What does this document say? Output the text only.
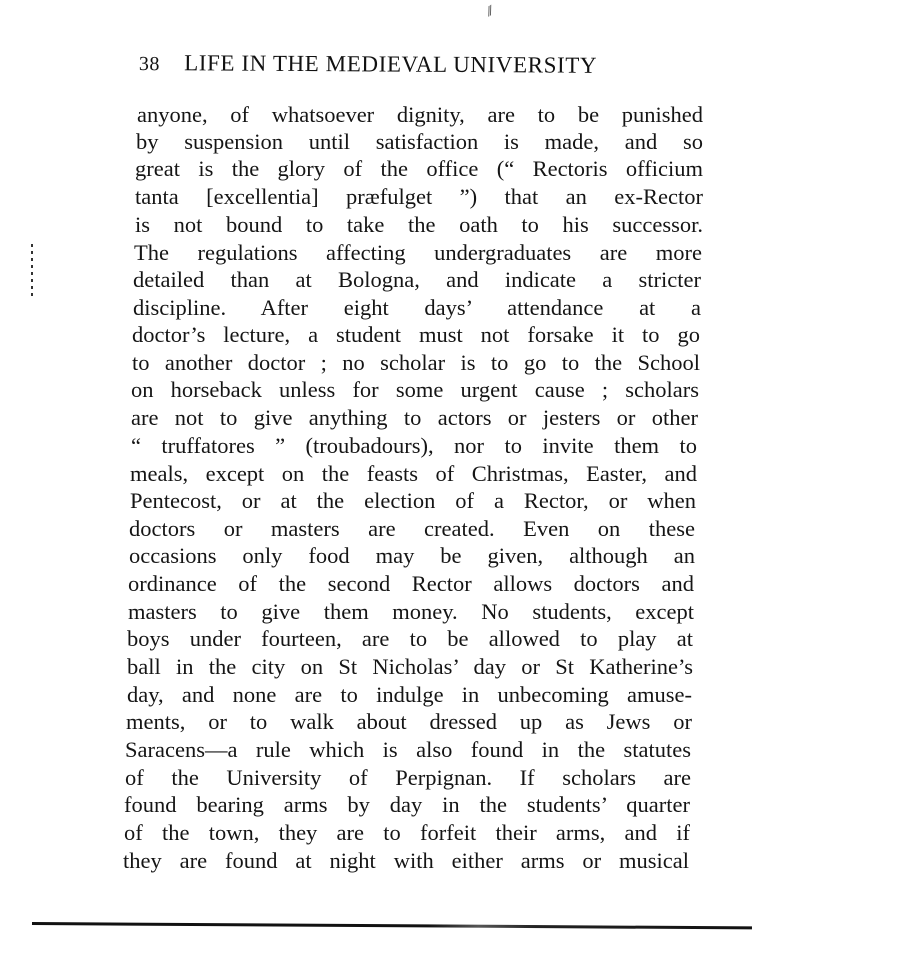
⁄⁄
38 LIFE IN THE MEDIEVAL UNIVERSITY
anyone, of whatsoever dignity, are to be punished
by suspension until satisfaction is made, and so
great is the glory of the office (“ Rectoris officium
tanta [excellentia] præfulget ”) that an ex-Rector
is not bound to take the oath to his successor.
The regulations affecting undergraduates are more
detailed than at Bologna, and indicate a stricter
discipline. After eight days’ attendance at a
doctor’s lecture, a student must not forsake it to go
to another doctor ; no scholar is to go to the School
on horseback unless for some urgent cause ; scholars
are not to give anything to actors or jesters or other
“ truffatores ” (troubadours), nor to invite them to
meals, except on the feasts of Christmas, Easter, and
Pentecost, or at the election of a Rector, or when
doctors or masters are created. Even on these
occasions only food may be given, although an
ordinance of the second Rector allows doctors and
masters to give them money. No students, except
boys under fourteen, are to be allowed to play at
ball in the city on St Nicholas’ day or St Katherine’s
day, and none are to indulge in unbecoming amuse-
ments, or to walk about dressed up as Jews or
Saracens—a rule which is also found in the statutes
of the University of Perpignan. If scholars are
found bearing arms by day in the students’ quarter
of the town, they are to forfeit their arms, and if
they are found at night with either arms or musical
